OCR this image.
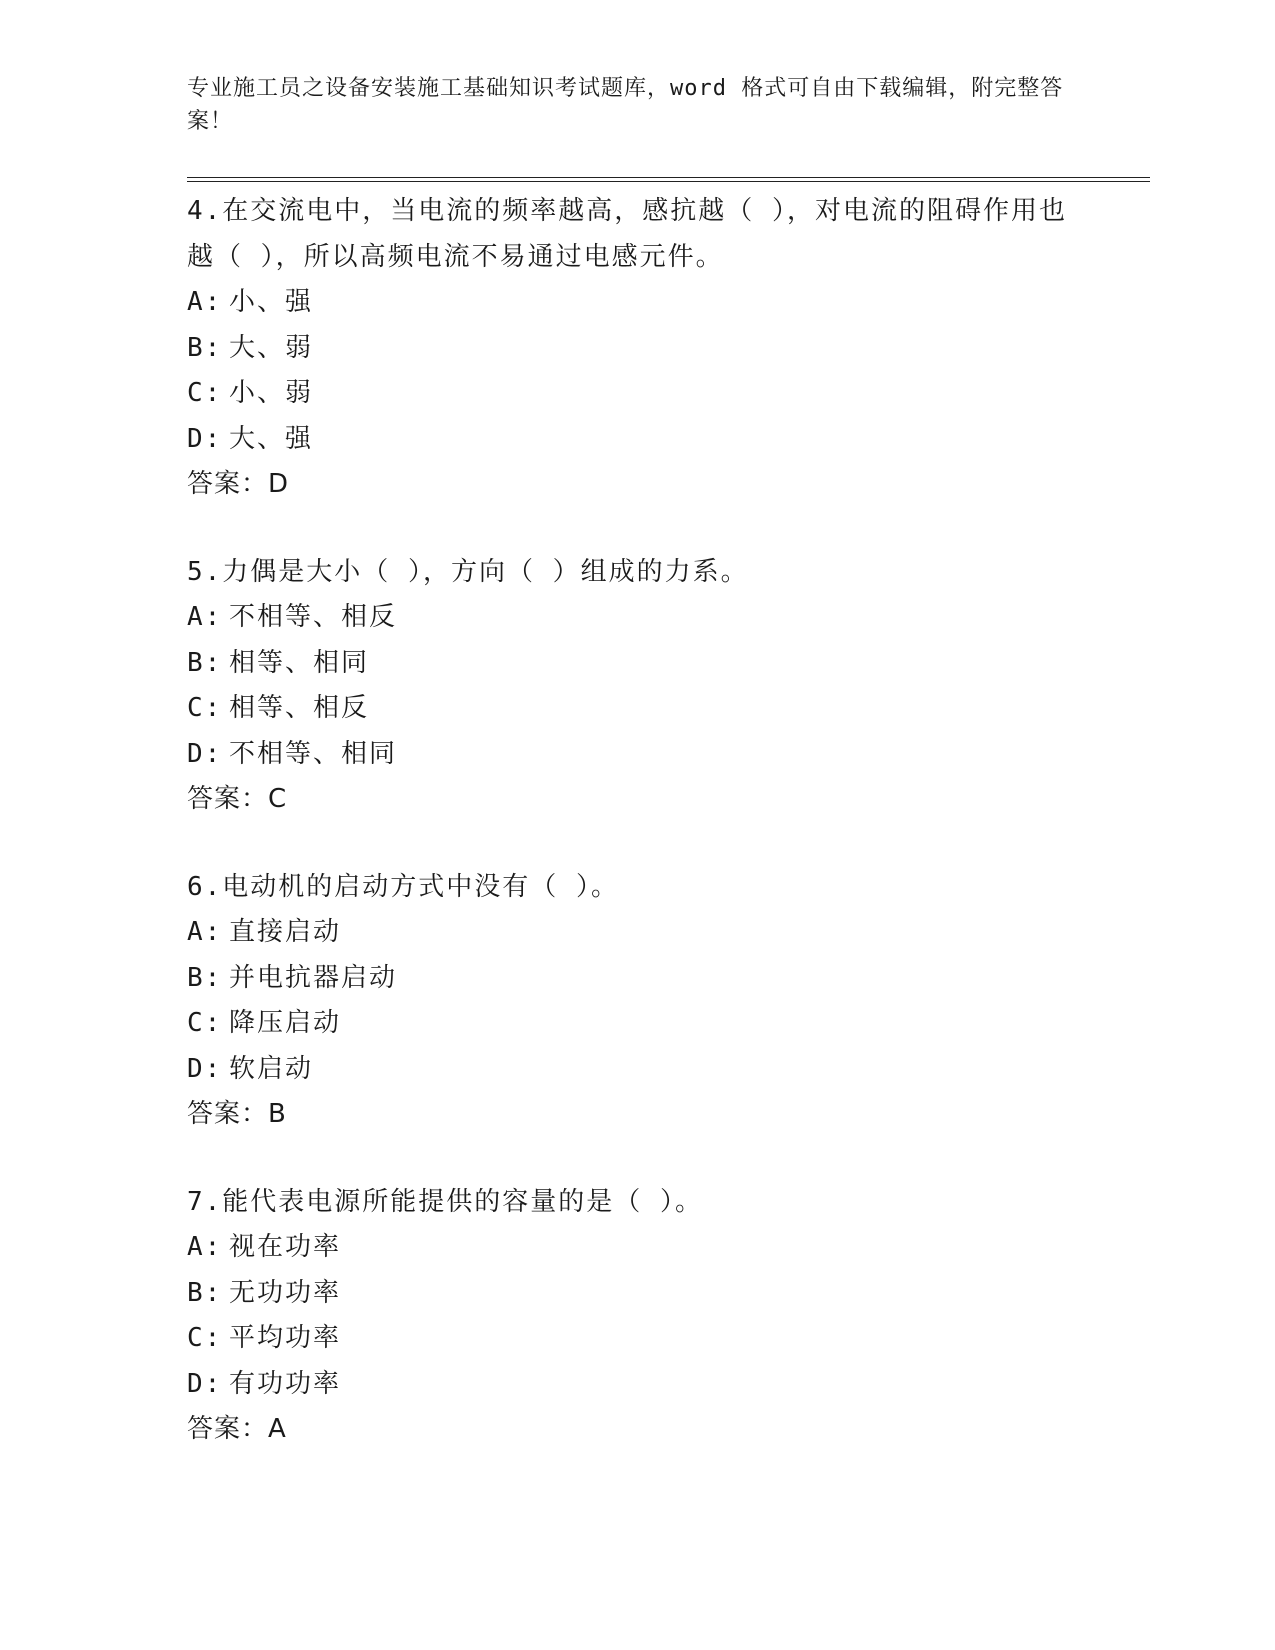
专业施工员之设备安装施工基础知识考试题库，word 格式可自由下载编辑，附完整答案！
4.在交流电中，当电流的频率越高，感抗越（ ），对电流的阻碍作用也越（ ），所以高频电流不易通过电感元件。
A: 小、强
B: 大、弱
C: 小、弱
D: 大、强
答案：D
5.力偶是大小（ ），方向（ ）组成的力系。
A: 不相等、相反
B: 相等、相同
C: 相等、相反
D: 不相等、相同
答案：C
6.电动机的启动方式中没有（ ）。
A: 直接启动
B: 并电抗器启动
C: 降压启动
D: 软启动
答案：B
7.能代表电源所能提供的容量的是（ ）。
A: 视在功率
B: 无功功率
C: 平均功率
D: 有功功率
答案：A
